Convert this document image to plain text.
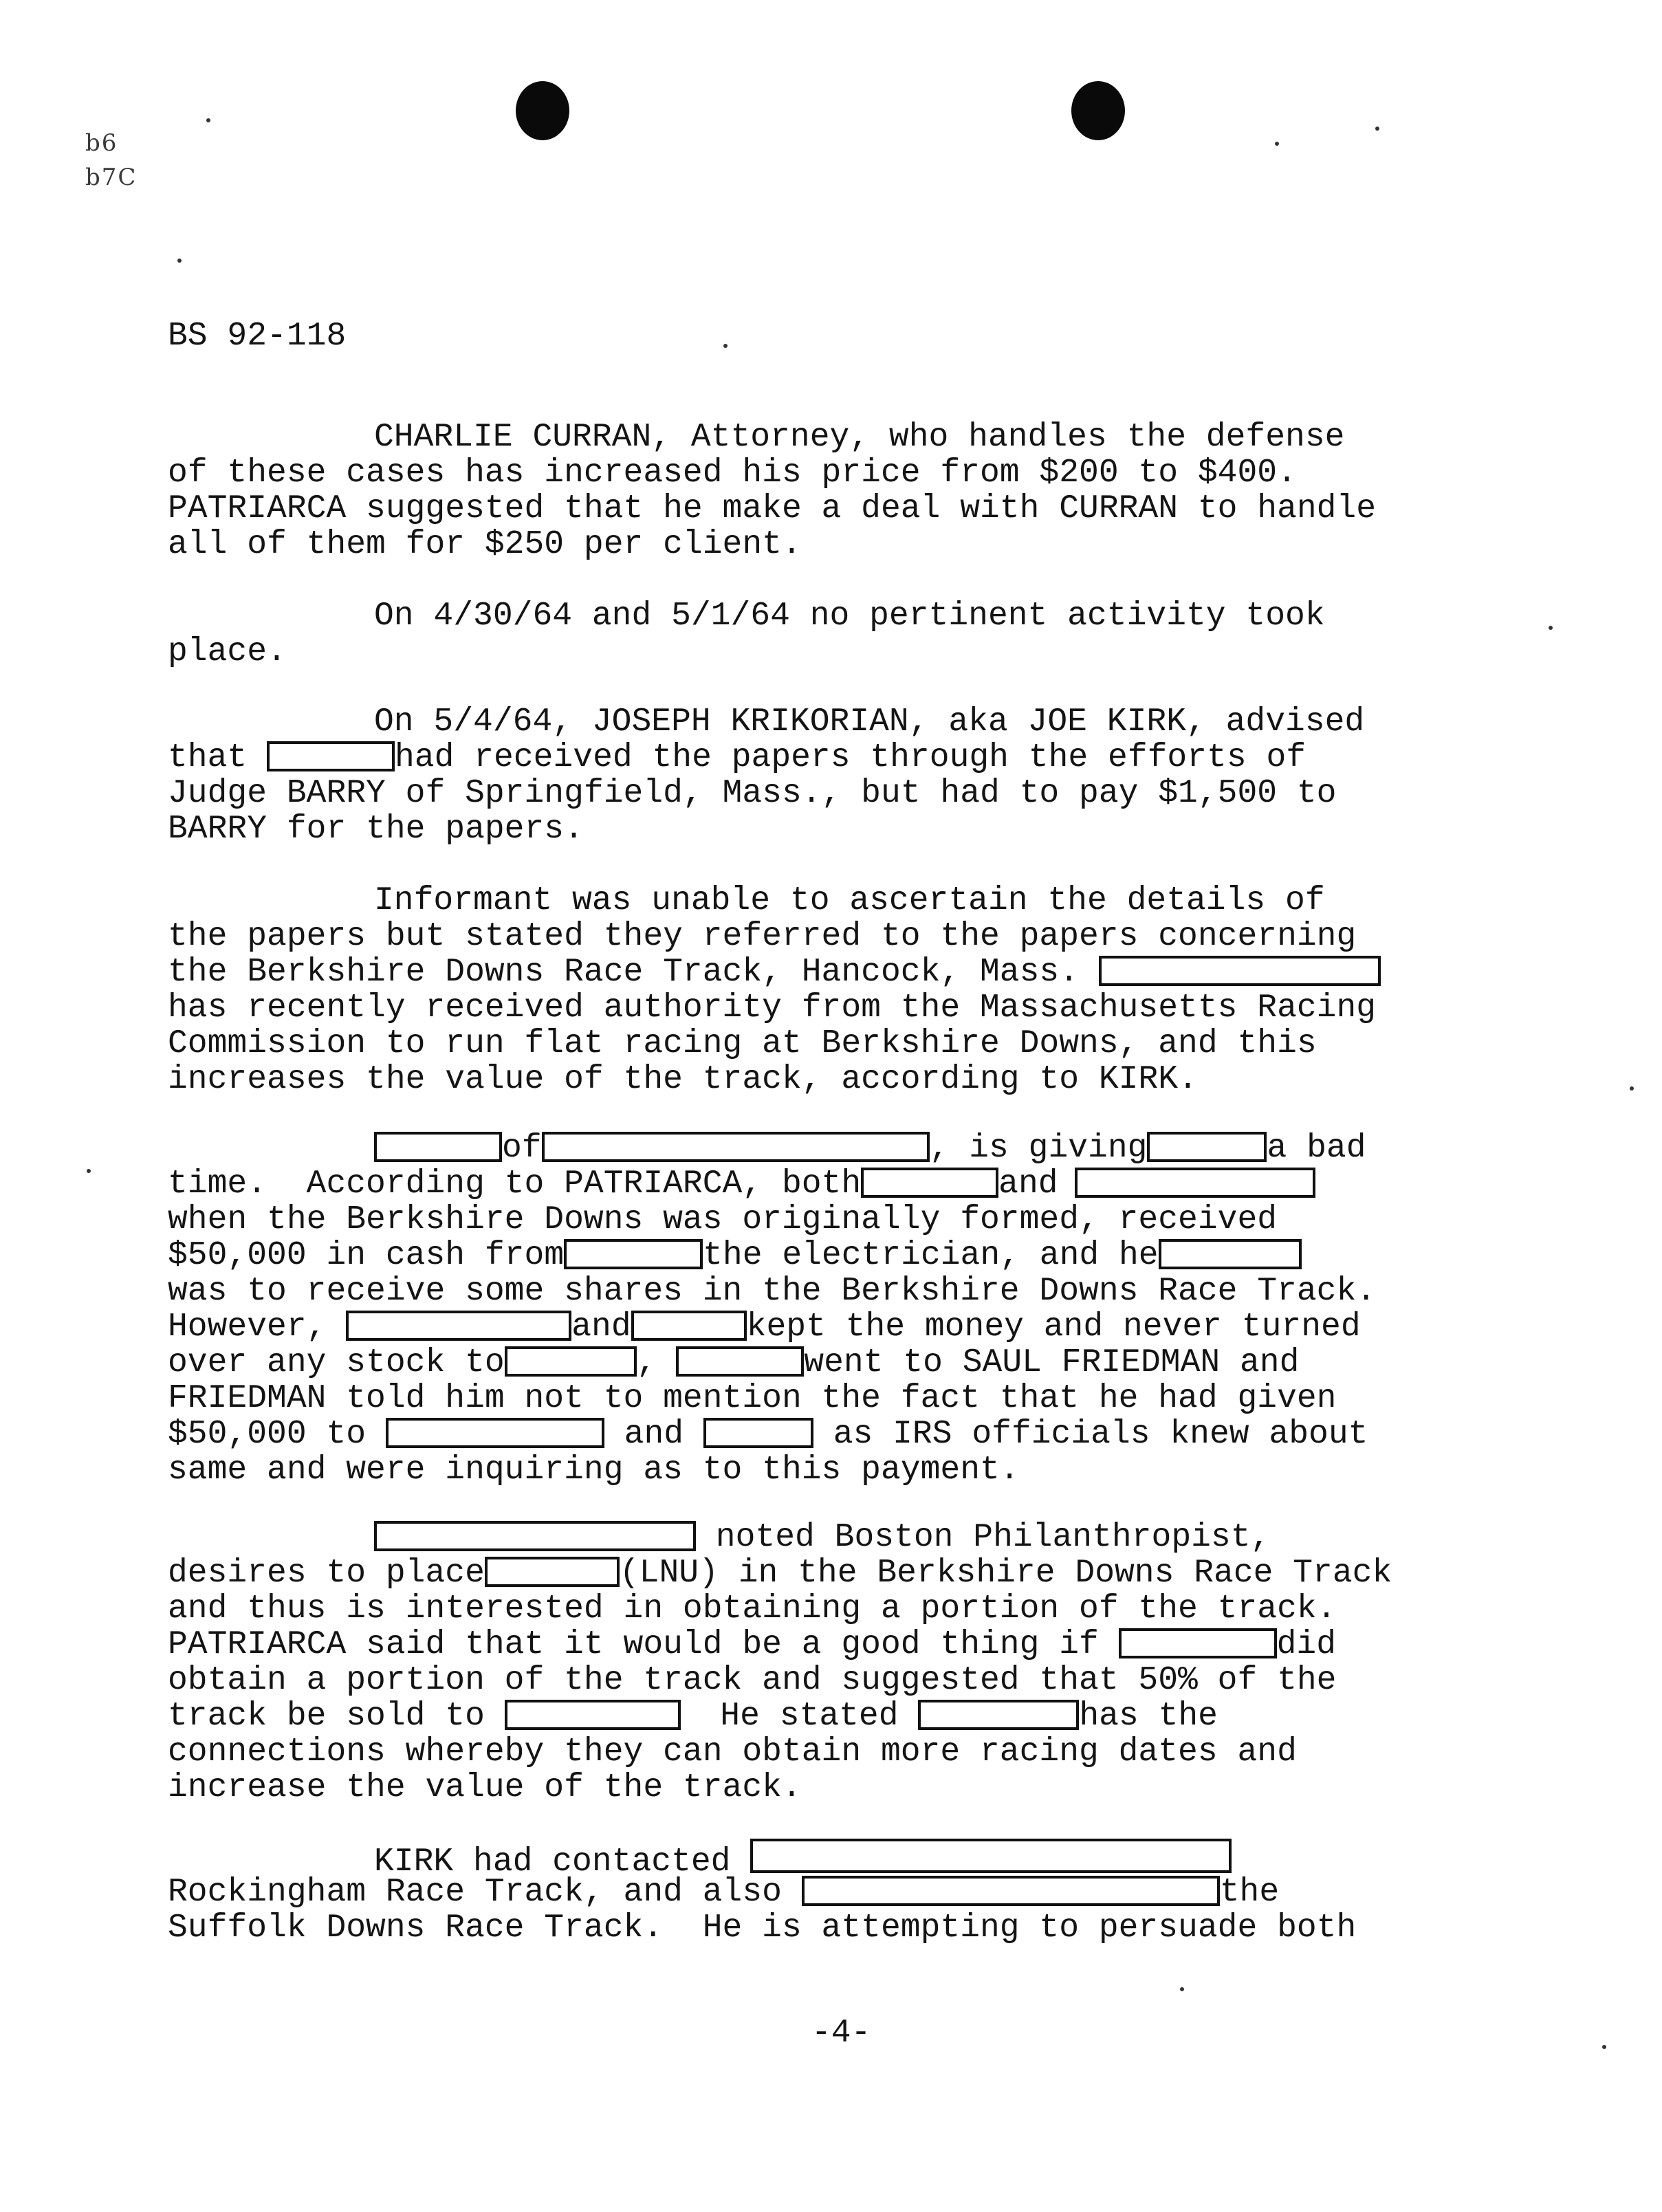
b6
b7C
BS 92-118
CHARLIE CURRAN, Attorney, who handles the defense
of these cases has increased his price from $200 to $400.
PATRIARCA suggested that he make a deal with CURRAN to handle
all of them for $250 per client.
On 4/30/64 and 5/1/64 no pertinent activity took
place.
On 5/4/64, JOSEPH KRIKORIAN, aka JOE KIRK, advised
that	had received the papers through the efforts of
Judge BARRY of Springfield, Mass., but had to pay $1,500 to
BARRY for the papers.
Informant was unable to ascertain the details of
the papers but stated they referred to the papers concerning
the Berkshire Downs Race Track, Hancock, Mass.
has recently received authority from the Massachusetts Racing
Commission to run flat racing at Berkshire Downs, and this
increases the value of the track, according to KIRK.
of	, is giving	a bad
time.  According to PATRIARCA, both	and
when the Berkshire Downs was originally formed, received
$50,000 in cash from	the electrician, and he
was to receive some shares in the Berkshire Downs Race Track.
However,	and	kept the money and never turned
over any stock to	,	went to SAUL FRIEDMAN and
FRIEDMAN told him not to mention the fact that he had given
$50,000 to	and	as IRS officials knew about
same and were inquiring as to this payment.
noted Boston Philanthropist,
desires to place	(LNU) in the Berkshire Downs Race Track
and thus is interested in obtaining a portion of the track.
PATRIARCA said that it would be a good thing if	did
obtain a portion of the track and suggested that 50% of the
track be sold to	He stated	has the
connections whereby they can obtain more racing dates and
increase the value of the track.
KIRK had contacted
Rockingham Race Track, and also	the
Suffolk Downs Race Track.  He is attempting to persuade both
-4-
